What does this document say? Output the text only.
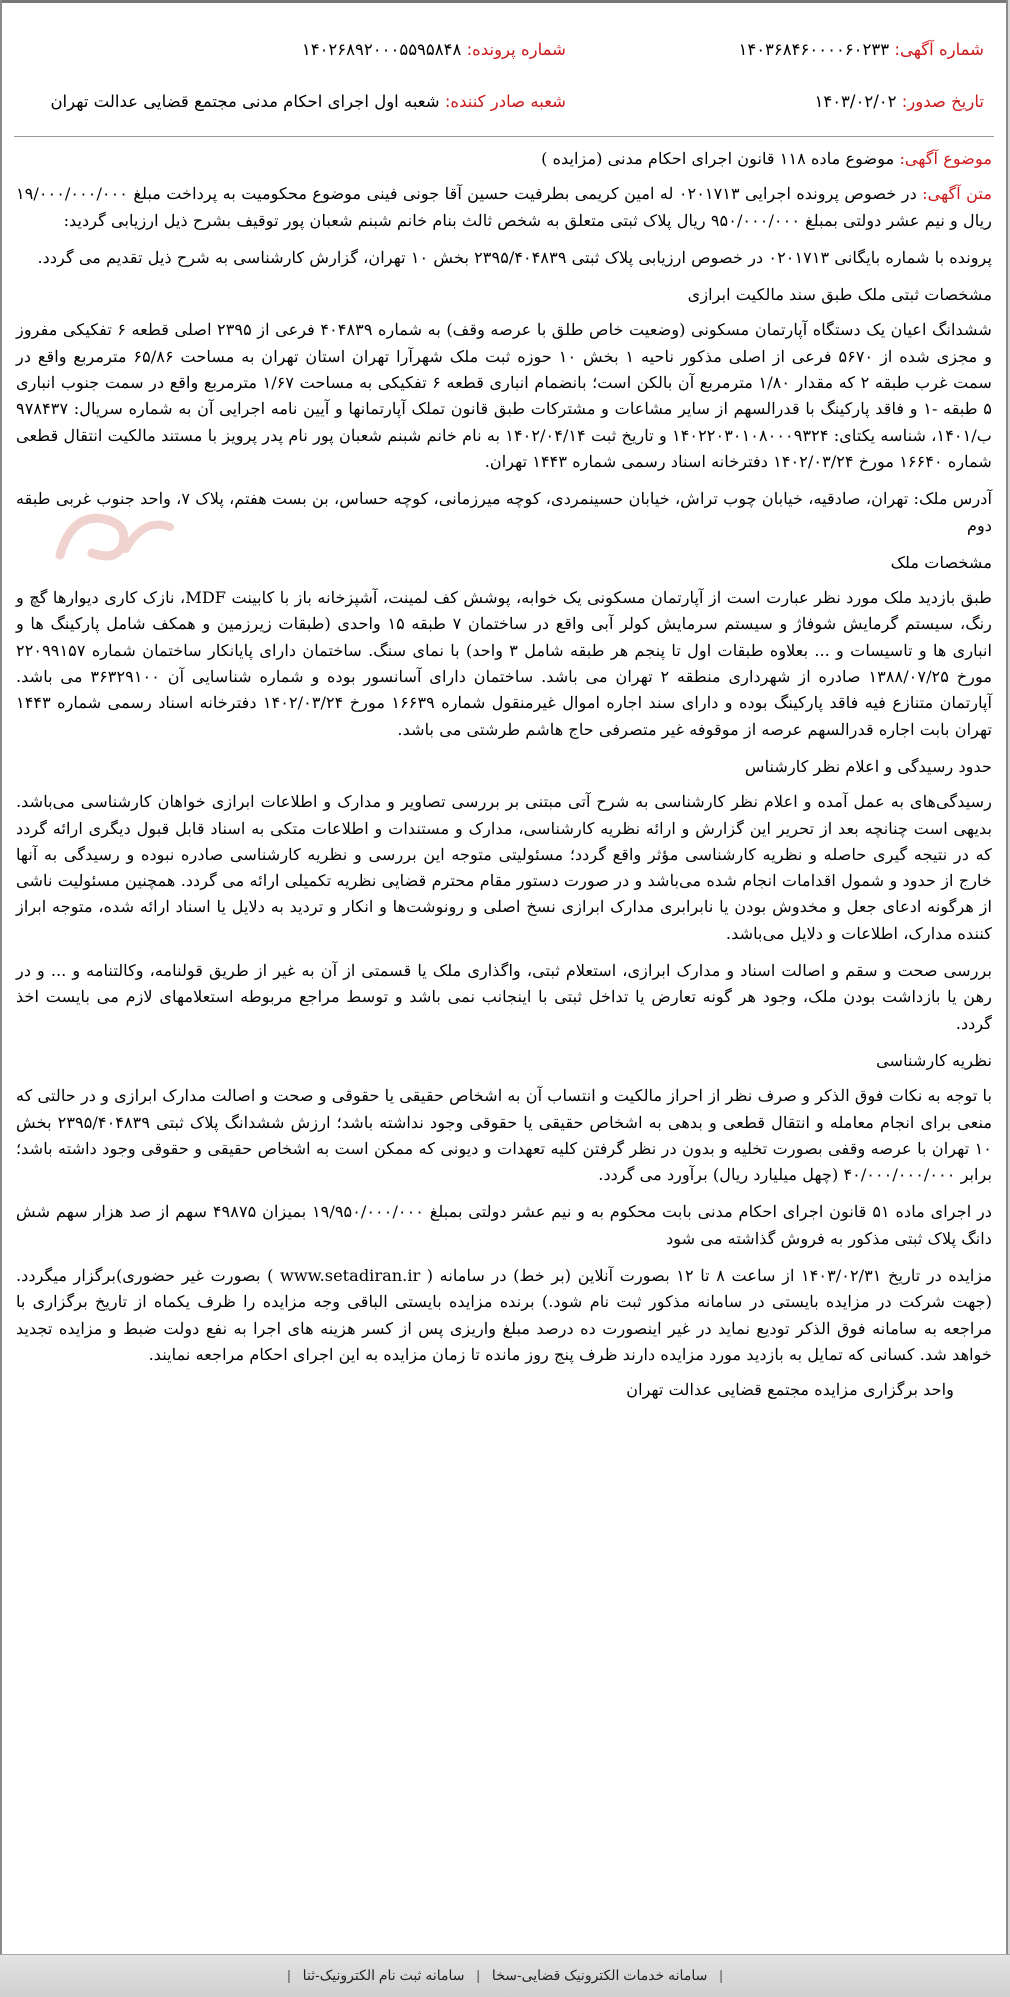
شماره آگهی: ۱۴۰۳۶۸۴۶۰۰۰۰۶۰۲۳۳
شماره پرونده: ۱۴۰۲۶۸۹۲۰۰۰۵۵۹۵۸۴۸
تاریخ صدور: ۱۴۰۳/۰۲/۰۲
شعبه صادر کننده: شعبه اول اجرای احکام مدنی مجتمع قضایی عدالت تهران

موضوع آگهی: موضوع ماده ۱۱۸ قانون اجرای احکام مدنی (مزایده )

متن آگهی: در خصوص پرونده اجرایی ۰۲۰۱۷۱۳ له امین کریمی بطرفیت حسین آقا جونی فینی موضوع محکومیت به پرداخت مبلغ ۱۹/۰۰۰/۰۰۰/۰۰۰ ریال و نیم عشر دولتی بمبلغ ۹۵۰/۰۰۰/۰۰۰ ریال پلاک ثبتی متعلق به شخص ثالث بنام خانم شبنم شعبان پور توقیف بشرح ذیل ارزیابی گردید:

پرونده با شماره بایگانی ۰۲۰۱۷۱۳ در خصوص ارزیابی پلاک ثبتی ۲۳۹۵/۴۰۴۸۳۹ بخش ۱۰ تهران، گزارش کارشناسی به شرح ذیل تقدیم می گردد.

مشخصات ثبتی ملک طبق سند مالکیت ابرازی

ششدانگ اعیان یک دستگاه آپارتمان مسکونی (وضعیت خاص طلق با عرصه وقف) به شماره ۴۰۴۸۳۹ فرعی از ۲۳۹۵ اصلی قطعه ۶ تفکیکی مفروز و مجزی شده از ۵۶۷۰ فرعی از اصلی مذکور ناحیه ۱ بخش ۱۰ حوزه ثبت ملک شهرآرا تهران استان تهران به مساحت ۶۵/۸۶ مترمربع واقع در سمت غرب طبقه ۲ که مقدار ۱/۸۰ مترمربع آن بالکن است؛ بانضمام انباری قطعه ۶ تفکیکی به مساحت ۱/۶۷ مترمربع واقع در سمت جنوب انباری ۵ طبقه -۱ و فاقد پارکینگ با قدرالسهم از سایر مشاعات و مشترکات طبق قانون تملک آپارتمانها و آیین نامه اجرایی آن به شماره سریال: ۹۷۸۴۳۷ ب/۱۴۰۱، شناسه یکتای: ۱۴۰۲۲۰۳۰۱۰۸۰۰۰۹۳۲۴ و تاریخ ثبت ۱۴۰۲/۰۴/۱۴ به نام خانم شبنم شعبان پور نام پدر پرویز با مستند مالکیت انتقال قطعی شماره ۱۶۶۴۰ مورخ ۱۴۰۲/۰۳/۲۴ دفترخانه اسناد رسمی شماره ۱۴۴۳ تهران.

آدرس ملک: تهران، صادقیه، خیابان چوب تراش، خیابان حسینمردی، کوچه میرزمانی، کوچه حساس، بن بست هفتم، پلاک ۷، واحد جنوب غربی طبقه دوم

مشخصات ملک

طبق بازدید ملک مورد نظر عبارت است از آپارتمان مسکونی یک خوابه، پوشش کف لمینت، آشپزخانه باز با کابینت MDF، نازک کاری دیوارها گچ و رنگ، سیستم گرمایش شوفاژ و سیستم سرمایش کولر آبی واقع در ساختمان ۷ طبقه ۱۵ واحدی (طبقات زیرزمین و همکف شامل پارکینگ ها و انباری ها و تاسیسات و ... بعلاوه طبقات اول تا پنجم هر طبقه شامل ۳ واحد) با نمای سنگ. ساختمان دارای پایانکار ساختمان شماره ۲۲۰۹۹۱۵۷ مورخ ۱۳۸۸/۰۷/۲۵ صادره از شهرداری منطقه ۲ تهران می باشد. ساختمان دارای آسانسور بوده و شماره شناسایی آن ۳۶۳۲۹۱۰۰ می باشد. آپارتمان متنازع فیه فاقد پارکینگ بوده و دارای سند اجاره اموال غیرمنقول شماره ۱۶۶۳۹ مورخ ۱۴۰۲/۰۳/۲۴ دفترخانه اسناد رسمی شماره ۱۴۴۳ تهران بابت اجاره قدرالسهم عرصه از موقوفه غیر متصرفی حاج هاشم طرشتی می باشد.

حدود رسیدگی و اعلام نظر کارشناس

رسیدگی‌های به عمل آمده و اعلام نظر کارشناسی به شرح آتی مبتنی بر بررسی تصاویر و مدارک و اطلاعات ابرازی خواهان کارشناسی می‌باشد. بدیهی است چنانچه بعد از تحریر این گزارش و ارائه نظریه کارشناسی، مدارک و مستندات و اطلاعات متکی به اسناد قابل قبول دیگری ارائه گردد که در نتیجه گیری حاصله و نظریه کارشناسی مؤثر واقع گردد؛ مسئولیتی متوجه این بررسی و نظریه کارشناسی صادره نبوده و رسیدگی به آنها خارج از حدود و شمول اقدامات انجام شده می‌باشد و در صورت دستور مقام محترم قضایی نظریه تکمیلی ارائه می گردد. همچنین مسئولیت ناشی از هرگونه ادعای جعل و مخدوش بودن یا نابرابری مدارک ابرازی نسخ اصلی و رونوشت‌ها و انکار و تردید به دلایل یا اسناد ارائه شده، متوجه ابراز کننده مدارک، اطلاعات و دلایل می‌باشد.

بررسی صحت و سقم و اصالت اسناد و مدارک ابرازی، استعلام ثبتی، واگذاری ملک یا قسمتی از آن به غیر از طریق قولنامه، وکالتنامه و ... و در رهن یا بازداشت بودن ملک، وجود هر گونه تعارض یا تداخل ثبتی با اینجانب نمی باشد و توسط مراجع مربوطه استعلامهای لازم می بایست اخذ گردد.

نظریه کارشناسی

با توجه به نکات فوق الذکر و صرف نظر از احراز مالکیت و انتساب آن به اشخاص حقیقی یا حقوقی و صحت و اصالت مدارک ابرازی و در حالتی که منعی برای انجام معامله و انتقال قطعی و بدهی به اشخاص حقیقی یا حقوقی وجود نداشته باشد؛ ارزش ششدانگ پلاک ثبتی ۲۳۹۵/۴۰۴۸۳۹ بخش ۱۰ تهران با عرصه وقفی بصورت تخلیه و بدون در نظر گرفتن کلیه تعهدات و دیونی که ممکن است به اشخاص حقیقی و حقوقی وجود داشته باشد؛ برابر ۴۰/۰۰۰/۰۰۰/۰۰۰ (چهل میلیارد ریال) برآورد می گردد.

در اجرای ماده ۵۱ قانون اجرای احکام مدنی بابت محکوم به و نیم عشر دولتی بمبلغ ۱۹/۹۵۰/۰۰۰/۰۰۰ بمیزان ۴۹۸۷۵ سهم از صد هزار سهم شش دانگ پلاک ثبتی مذکور به فروش گذاشته می شود

مزایده در تاریخ ۱۴۰۳/۰۲/۳۱ از ساعت ۸ تا ۱۲ بصورت آنلاین (بر خط) در سامانه ( www.setadiran.ir ) بصورت غیر حضوری)برگزار میگردد. (جهت شرکت در مزایده بایستی در سامانه مذکور ثبت نام شود.) برنده مزایده بایستی الباقی وجه مزایده را ظرف یکماه از تاریخ برگزاری با مراجعه به سامانه فوق الذکر تودیع نماید در غیر اینصورت ده درصد مبلغ واریزی پس از کسر هزینه های اجرا به نفع دولت ضبط و مزایده تجدید خواهد شد. کسانی که تمایل به بازدید مورد مزایده دارند ظرف پنج روز مانده تا زمان مزایده به این اجرای احکام مراجعه نمایند.

واحد برگزاری مزایده مجتمع قضایی عدالت تهران

| سامانه خدمات الکترونیک قضایی-سخا | سامانه ثبت نام الکترونیک-ثنا |
